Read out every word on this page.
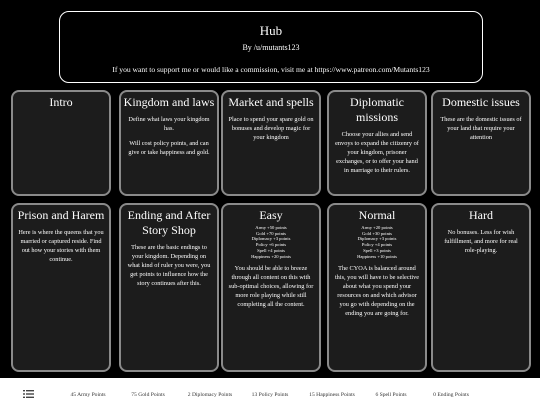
Hub
By /u/mutants123
If you want to support me or would like a commission, visit me at https://www.patreon.com/Mutants123
Intro	Kingdom and laws

Define what laws your kingdom has.

Will cost policy points, and can give or take happiness and gold.

Market and spells
Place to spend your spare gold on bonuses and develop magic for your kingdom
Diplomatic missions
Choose your allies and send envoys to expand the citizenry of your kingdom, prisoner exchanges, or to offer your hand in marriage to their rulers.
Domestic issues
These are the domestic issues of your land that require your attention
Prison and Harem
Here is where the queens that you married or captured reside. Find out how your stories with them continue.
Ending and After Story Shop
These are the basic endings to your kingdom. Depending on what kind of ruler you were, you get points to influence how the story continues after this.
Easy
Army +50 points
Gold +70 points
Diplomacy +3 points
Policy +6 points
Spell +4 points
Happiness +20 points
You should be able to breeze through all content on this with sub-optimal choices, allowing for more role playing while still completing all the content.
Normal
Army +20 points
Gold +30 points
Diplomacy +3 points
Policy +4 points
Spell +3 points
Happiness +10 points
The CYOA is balanced around this, you will have to be selective about what you spend your resources on and which advisor you go with depending on the ending you are going for.
Hard
No bonuses. Less for wish fulfillment, and more for real role-playing.
45 Army Points	75 Gold Points	2 Diplomacy Points	13 Policy Points	15 Happiness Points	6 Spell Points	0 Ending Points
